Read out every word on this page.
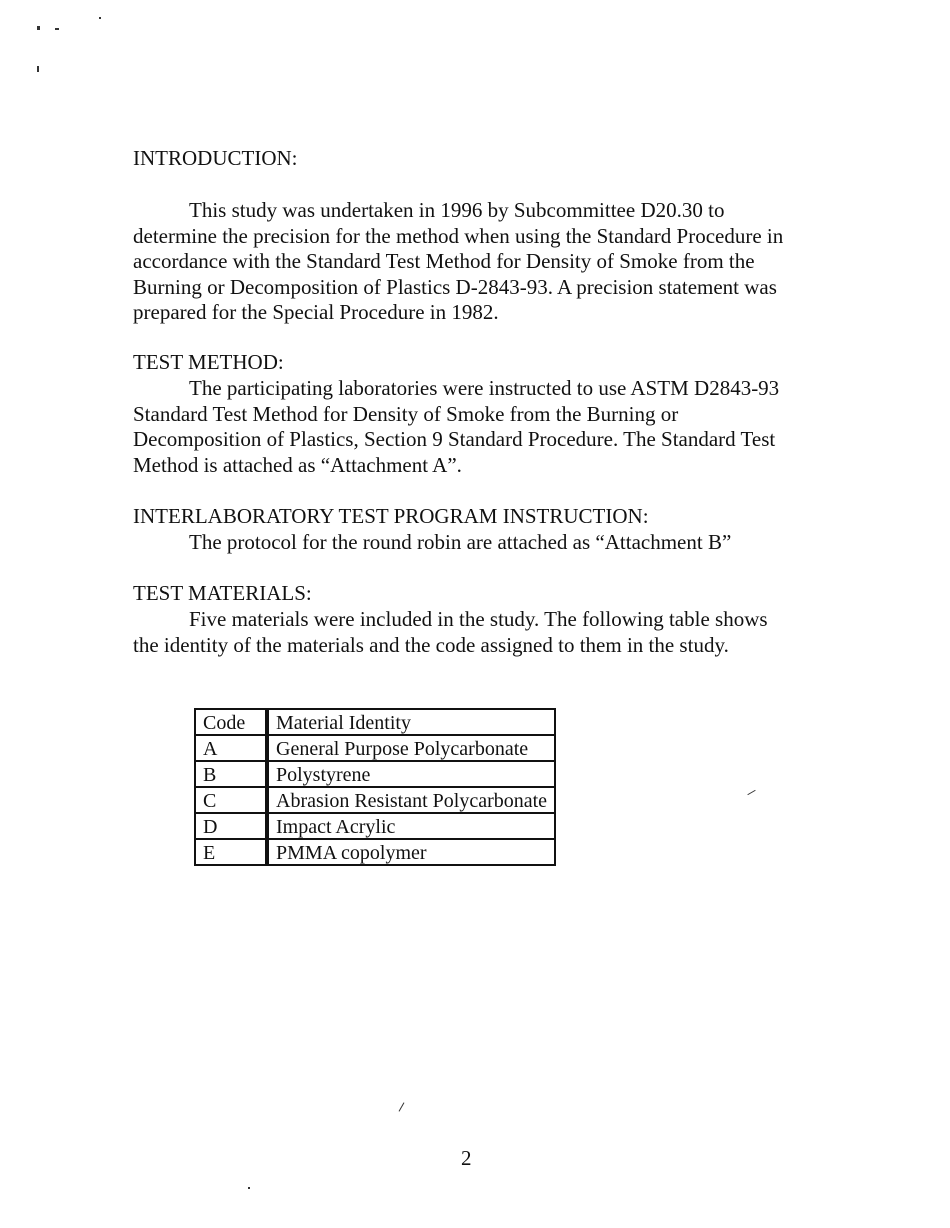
INTRODUCTION:
This study was undertaken in 1996 by Subcommittee D20.30 to
determine the precision for the method when using the Standard Procedure in
accordance with the Standard Test Method for Density of Smoke from the
Burning or Decomposition of Plastics D-2843-93. A precision statement was
prepared for the Special Procedure in 1982.
TEST METHOD:
The participating laboratories were instructed to use ASTM D2843-93
Standard Test Method for Density of Smoke from the Burning or
Decomposition of Plastics, Section 9 Standard Procedure. The Standard Test
Method is attached as “Attachment A”.
INTERLABORATORY TEST PROGRAM INSTRUCTION:
The protocol for the round robin are attached as “Attachment B”
TEST MATERIALS:
Five materials were included in the study. The following table shows
the identity of the materials and the code assigned to them in the study.
Code	Material Identity
A	General Purpose Polycarbonate
B	Polystyrene
C	Abrasion Resistant Polycarbonate
D	Impact Acrylic
E	PMMA copolymer
2
